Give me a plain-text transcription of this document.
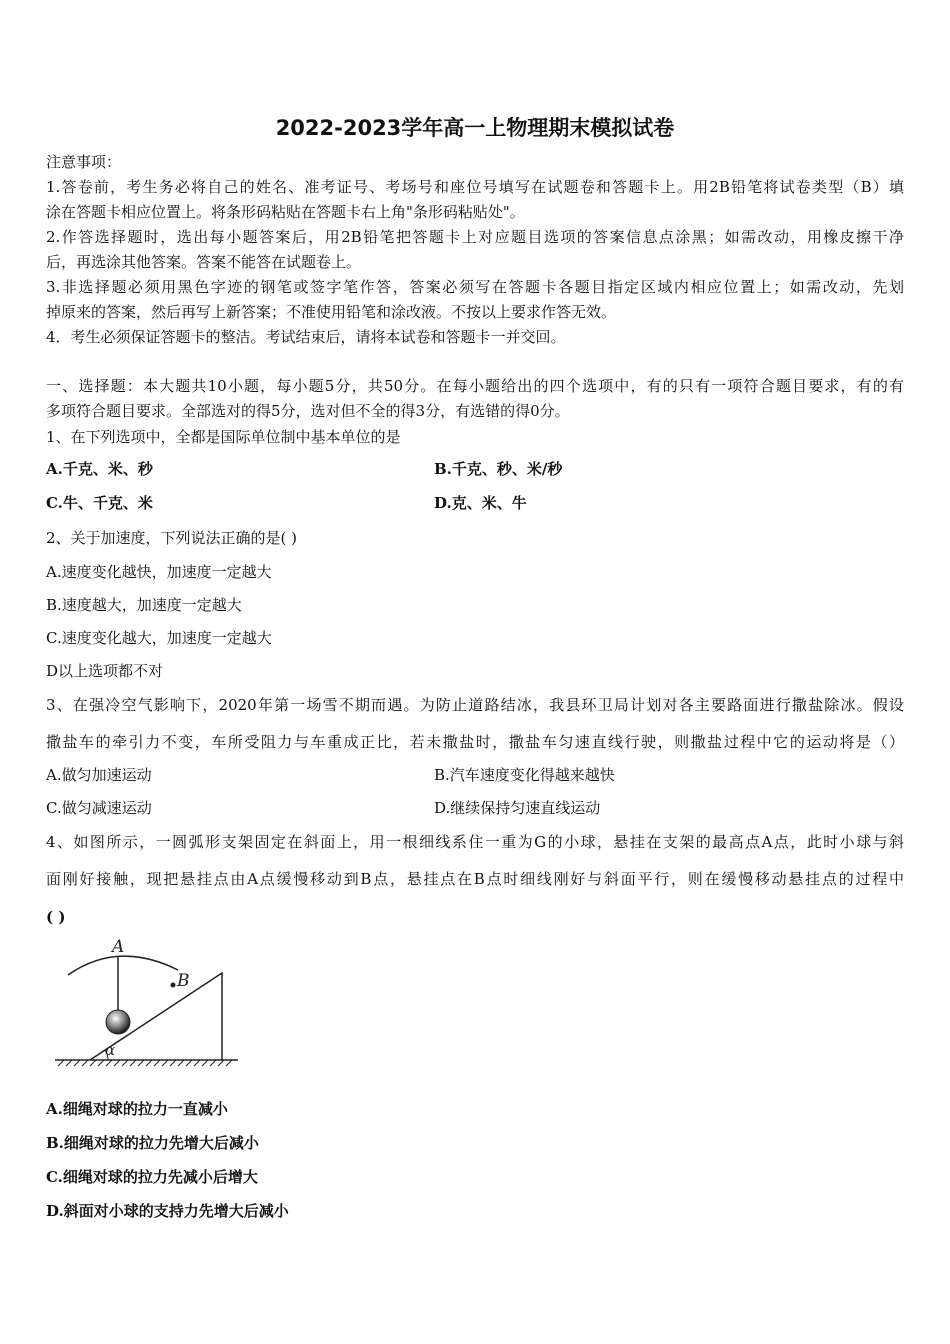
2022-2023学年高一上物理期末模拟试卷
注意事项：
1.答卷前，考生务必将自己的姓名、准考证号、考场号和座位号填写在试题卷和答题卡上。用2B铅笔将试卷类型（B）填
涂在答题卡相应位置上。将条形码粘贴在答题卡右上角"条形码粘贴处"。
2.作答选择题时，选出每小题答案后，用2B铅笔把答题卡上对应题目选项的答案信息点涂黑；如需改动，用橡皮擦干净
后，再选涂其他答案。答案不能答在试题卷上。
3.非选择题必须用黑色字迹的钢笔或签字笔作答，答案必须写在答题卡各题目指定区域内相应位置上；如需改动，先划
掉原来的答案，然后再写上新答案；不准使用铅笔和涂改液。不按以上要求作答无效。
4．考生必须保证答题卡的整洁。考试结束后，请将本试卷和答题卡一并交回。
一、选择题：本大题共10小题，每小题5分，共50分。在每小题给出的四个选项中，有的只有一项符合题目要求，有的有
多项符合题目要求。全部选对的得5分，选对但不全的得3分，有选错的得0分。
1、在下列选项中，全都是国际单位制中基本单位的是
A.千克、米、秒	B.千克、秒、米/秒
C.牛、千克、米	D.克、米、牛
2、关于加速度，下列说法正确的是( )
A.速度变化越快，加速度一定越大
B.速度越大，加速度一定越大
C.速度变化越大，加速度一定越大
D以上选项都不对
3、在强冷空气影响下，2020年第一场雪不期而遇。为防止道路结冰，我县环卫局计划对各主要路面进行撒盐除冰。假设
撒盐车的牵引力不变，车所受阻力与车重成正比，若未撒盐时，撒盐车匀速直线行驶，则撒盐过程中它的运动将是（）
A.做匀加速运动	B.汽车速度变化得越来越快
C.做匀减速运动	D.继续保持匀速直线运动
4、如图所示，一圆弧形支架固定在斜面上，用一根细线系住一重为G的小球，悬挂在支架的最高点A点，此时小球与斜
面刚好接触，现把悬挂点由A点缓慢移动到B点，悬挂点在B点时细线刚好与斜面平行，则在缓慢移动悬挂点的过程中
( )
A
B
α
A.细绳对球的拉力一直减小
B.细绳对球的拉力先增大后减小
C.细绳对球的拉力先减小后增大
D.斜面对小球的支持力先增大后减小
